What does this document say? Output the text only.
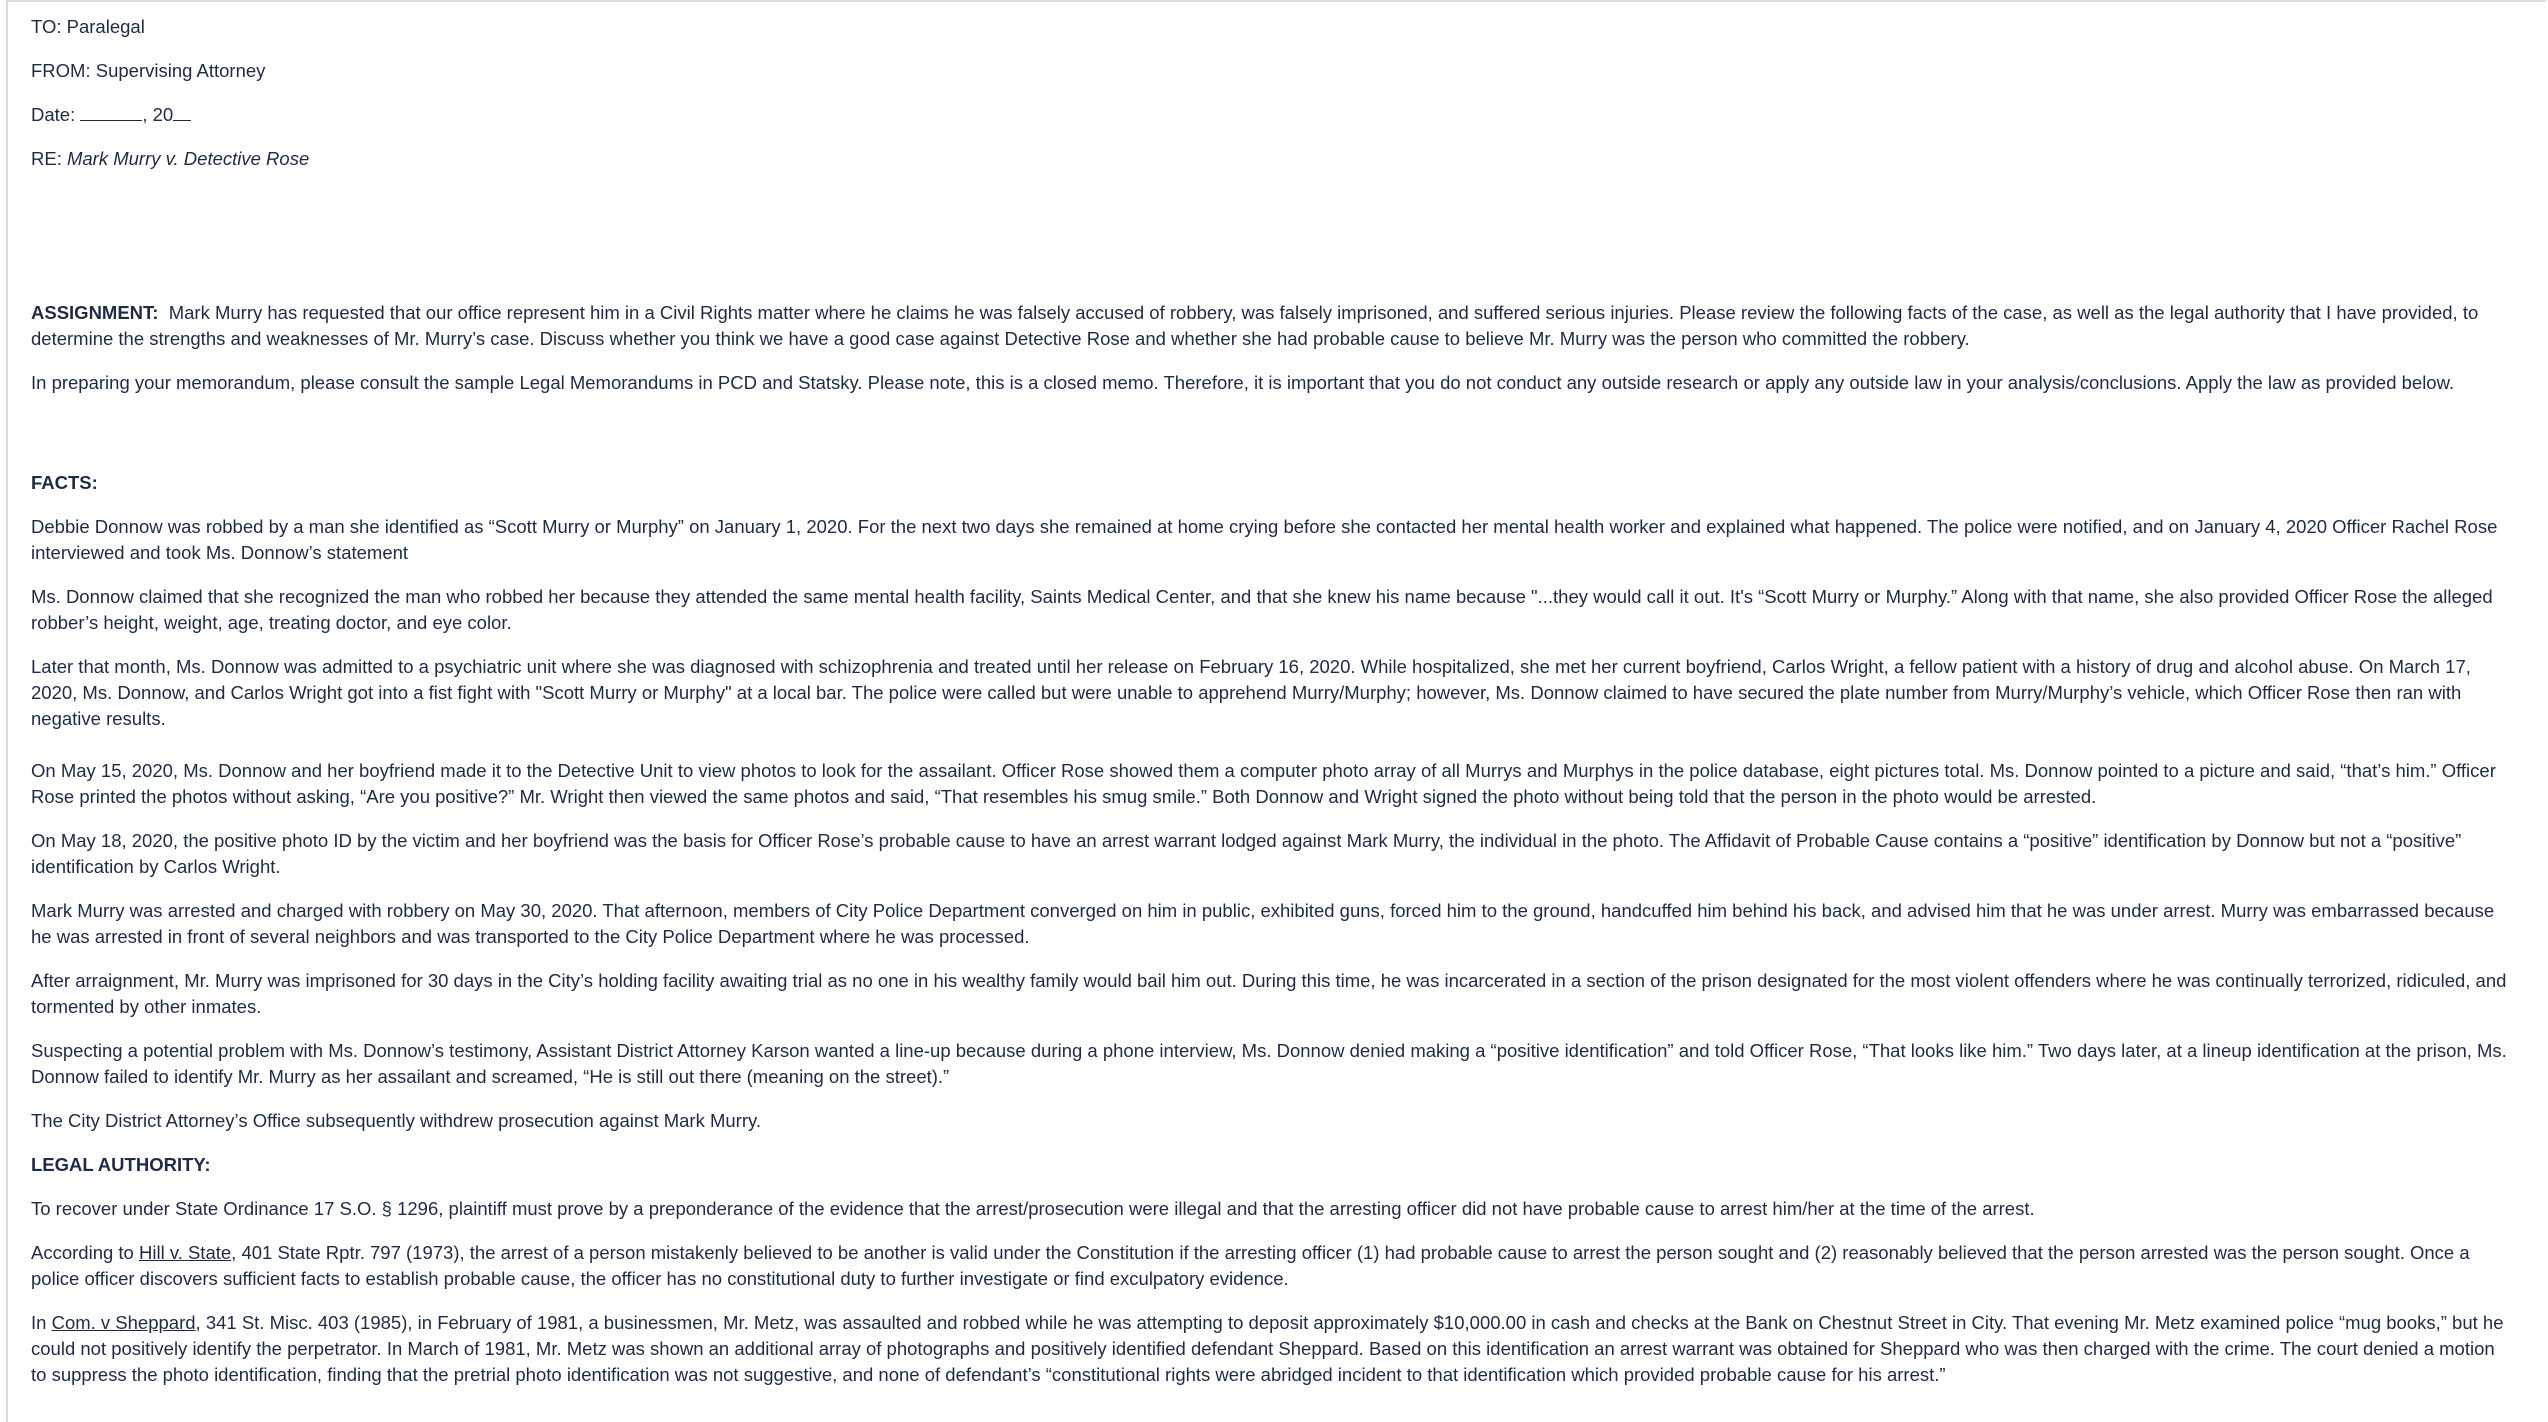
TO: Paralegal
FROM: Supervising Attorney
Date:	, 20
RE: Mark Murry v. Detective Rose

ASSIGNMENT: Mark Murry has requested that our office represent him in a Civil Rights matter where he claims he was falsely accused of robbery, was falsely imprisoned, and suffered serious injuries. Please review the following facts of the case, as well as the legal authority that I have provided, to determine the strengths and weaknesses of Mr. Murry’s case. Discuss whether you think we have a good case against Detective Rose and whether she had probable cause to believe Mr. Murry was the person who committed the robbery.

In preparing your memorandum, please consult the sample Legal Memorandums in PCD and Statsky. Please note, this is a closed memo. Therefore, it is important that you do not conduct any outside research or apply any outside law in your analysis/conclusions. Apply the law as provided below.

FACTS:

Debbie Donnow was robbed by a man she identified as “Scott Murry or Murphy” on January 1, 2020. For the next two days she remained at home crying before she contacted her mental health worker and explained what happened. The police were notified, and on January 4, 2020 Officer Rachel Rose interviewed and took Ms. Donnow’s statement

Ms. Donnow claimed that she recognized the man who robbed her because they attended the same mental health facility, Saints Medical Center, and that she knew his name because "...they would call it out. It's “Scott Murry or Murphy.” Along with that name, she also provided Officer Rose the alleged robber’s height, weight, age, treating doctor, and eye color.

Later that month, Ms. Donnow was admitted to a psychiatric unit where she was diagnosed with schizophrenia and treated until her release on February 16, 2020. While hospitalized, she met her current boyfriend, Carlos Wright, a fellow patient with a history of drug and alcohol abuse. On March 17, 2020, Ms. Donnow, and Carlos Wright got into a fist fight with "Scott Murry or Murphy" at a local bar. The police were called but were unable to apprehend Murry/Murphy; however, Ms. Donnow claimed to have secured the plate number from Murry/Murphy’s vehicle, which Officer Rose then ran with negative results.

On May 15, 2020, Ms. Donnow and her boyfriend made it to the Detective Unit to view photos to look for the assailant. Officer Rose showed them a computer photo array of all Murrys and Murphys in the police database, eight pictures total. Ms. Donnow pointed to a picture and said, “that’s him.” Officer Rose printed the photos without asking, “Are you positive?” Mr. Wright then viewed the same photos and said, “That resembles his smug smile.” Both Donnow and Wright signed the photo without being told that the person in the photo would be arrested.

On May 18, 2020, the positive photo ID by the victim and her boyfriend was the basis for Officer Rose’s probable cause to have an arrest warrant lodged against Mark Murry, the individual in the photo. The Affidavit of Probable Cause contains a “positive” identification by Donnow but not a “positive” identification by Carlos Wright.

Mark Murry was arrested and charged with robbery on May 30, 2020. That afternoon, members of City Police Department converged on him in public, exhibited guns, forced him to the ground, handcuffed him behind his back, and advised him that he was under arrest. Murry was embarrassed because he was arrested in front of several neighbors and was transported to the City Police Department where he was processed.

After arraignment, Mr. Murry was imprisoned for 30 days in the City’s holding facility awaiting trial as no one in his wealthy family would bail him out. During this time, he was incarcerated in a section of the prison designated for the most violent offenders where he was continually terrorized, ridiculed, and tormented by other inmates.

Suspecting a potential problem with Ms. Donnow’s testimony, Assistant District Attorney Karson wanted a line-up because during a phone interview, Ms. Donnow denied making a “positive identification” and told Officer Rose, “That looks like him.” Two days later, at a lineup identification at the prison, Ms. Donnow failed to identify Mr. Murry as her assailant and screamed, “He is still out there (meaning on the street).”

The City District Attorney’s Office subsequently withdrew prosecution against Mark Murry.

LEGAL AUTHORITY:

To recover under State Ordinance 17 S.O. § 1296, plaintiff must prove by a preponderance of the evidence that the arrest/prosecution were illegal and that the arresting officer did not have probable cause to arrest him/her at the time of the arrest.

According to Hill v. State, 401 State Rptr. 797 (1973), the arrest of a person mistakenly believed to be another is valid under the Constitution if the arresting officer (1) had probable cause to arrest the person sought and (2) reasonably believed that the person arrested was the person sought. Once a police officer discovers sufficient facts to establish probable cause, the officer has no constitutional duty to further investigate or find exculpatory evidence.

In Com. v Sheppard, 341 St. Misc. 403 (1985), in February of 1981, a businessmen, Mr. Metz, was assaulted and robbed while he was attempting to deposit approximately $10,000.00 in cash and checks at the Bank on Chestnut Street in City. That evening Mr. Metz examined police “mug books,” but he could not positively identify the perpetrator. In March of 1981, Mr. Metz was shown an additional array of photographs and positively identified defendant Sheppard. Based on this identification an arrest warrant was obtained for Sheppard who was then charged with the crime. The court denied a motion to suppress the photo identification, finding that the pretrial photo identification was not suggestive, and none of defendant’s “constitutional rights were abridged incident to that identification which provided probable cause for his arrest.”
